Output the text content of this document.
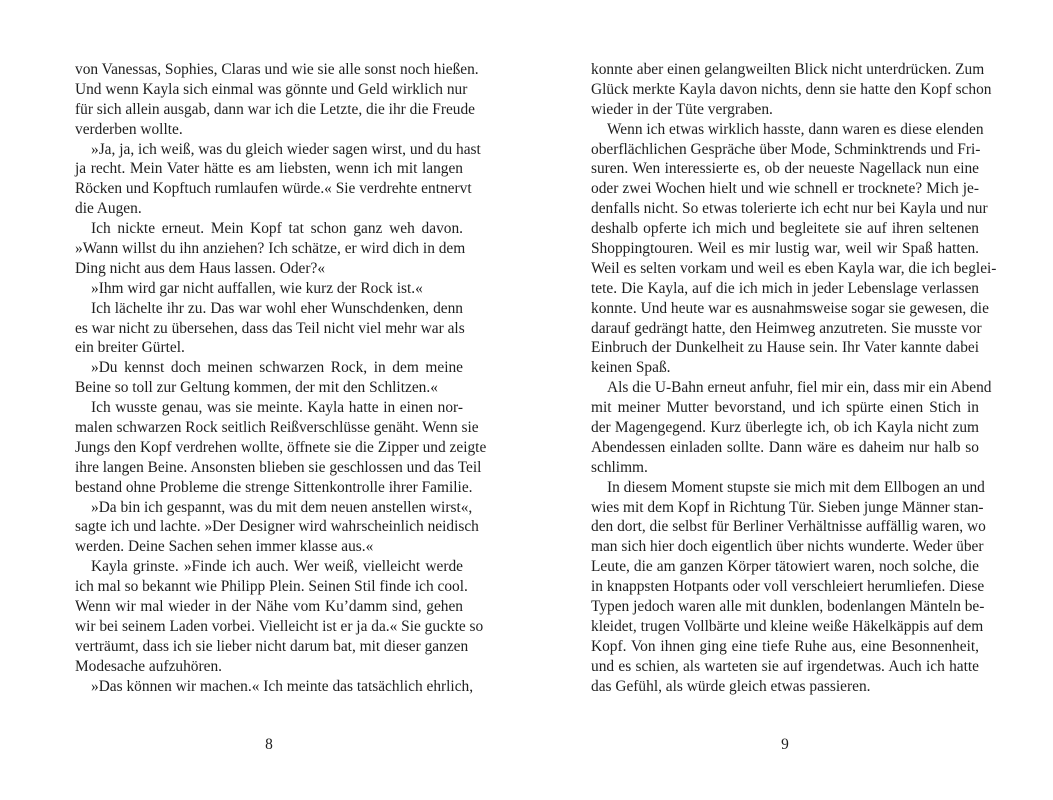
von Vanessas, Sophies, Claras und wie sie alle sonst noch hießen.
Und wenn Kayla sich einmal was gönnte und Geld wirklich nur
für sich allein ausgab, dann war ich die Letzte, die ihr die Freude
verderben wollte.
»Ja, ja, ich weiß, was du gleich wieder sagen wirst, und du hast
ja recht. Mein Vater hätte es am liebsten, wenn ich mit langen
Röcken und Kopftuch rumlaufen würde.« Sie verdrehte entnervt
die Augen.
Ich nickte erneut. Mein Kopf tat schon ganz weh davon.
»Wann willst du ihn anziehen? Ich schätze, er wird dich in dem
Ding nicht aus dem Haus lassen. Oder?«
»Ihm wird gar nicht auffallen, wie kurz der Rock ist.«
Ich lächelte ihr zu. Das war wohl eher Wunschdenken, denn
es war nicht zu übersehen, dass das Teil nicht viel mehr war als
ein breiter Gürtel.
»Du kennst doch meinen schwarzen Rock, in dem meine
Beine so toll zur Geltung kommen, der mit den Schlitzen.«
Ich wusste genau, was sie meinte. Kayla hatte in einen nor-
malen schwarzen Rock seitlich Reißverschlüsse genäht. Wenn sie
Jungs den Kopf verdrehen wollte, öffnete sie die Zipper und zeigte
ihre langen Beine. Ansonsten blieben sie geschlossen und das Teil
bestand ohne Probleme die strenge Sittenkontrolle ihrer Familie.
»Da bin ich gespannt, was du mit dem neuen anstellen wirst«,
sagte ich und lachte. »Der Designer wird wahrscheinlich neidisch
werden. Deine Sachen sehen immer klasse aus.«
Kayla grinste. »Finde ich auch. Wer weiß, vielleicht werde
ich mal so bekannt wie Philipp Plein. Seinen Stil finde ich cool.
Wenn wir mal wieder in der Nähe vom Ku’damm sind, gehen
wir bei seinem Laden vorbei. Vielleicht ist er ja da.« Sie guckte so
verträumt, dass ich sie lieber nicht darum bat, mit dieser ganzen
Modesache aufzuhören.
»Das können wir machen.« Ich meinte das tatsächlich ehrlich,
8
konnte aber einen gelangweilten Blick nicht unterdrücken. Zum
Glück merkte Kayla davon nichts, denn sie hatte den Kopf schon
wieder in der Tüte vergraben.
Wenn ich etwas wirklich hasste, dann waren es diese elenden
oberflächlichen Gespräche über Mode, Schminktrends und Fri-
suren. Wen interessierte es, ob der neueste Nagellack nun eine
oder zwei Wochen hielt und wie schnell er trocknete? Mich je-
denfalls nicht. So etwas tolerierte ich echt nur bei Kayla und nur
deshalb opferte ich mich und begleitete sie auf ihren seltenen
Shoppingtouren. Weil es mir lustig war, weil wir Spaß hatten.
Weil es selten vorkam und weil es eben Kayla war, die ich beglei-
tete. Die Kayla, auf die ich mich in jeder Lebenslage verlassen
konnte. Und heute war es ausnahmsweise sogar sie gewesen, die
darauf gedrängt hatte, den Heimweg anzutreten. Sie musste vor
Einbruch der Dunkelheit zu Hause sein. Ihr Vater kannte dabei
keinen Spaß.
Als die U-Bahn erneut anfuhr, fiel mir ein, dass mir ein Abend
mit meiner Mutter bevorstand, und ich spürte einen Stich in
der Magengegend. Kurz überlegte ich, ob ich Kayla nicht zum
Abendessen einladen sollte. Dann wäre es daheim nur halb so
schlimm.
In diesem Moment stupste sie mich mit dem Ellbogen an und
wies mit dem Kopf in Richtung Tür. Sieben junge Männer stan-
den dort, die selbst für Berliner Verhältnisse auffällig waren, wo
man sich hier doch eigentlich über nichts wunderte. Weder über
Leute, die am ganzen Körper tätowiert waren, noch solche, die
in knappsten Hotpants oder voll verschleiert herumliefen. Diese
Typen jedoch waren alle mit dunklen, bodenlangen Mänteln be-
kleidet, trugen Vollbärte und kleine weiße Häkelkäppis auf dem
Kopf. Von ihnen ging eine tiefe Ruhe aus, eine Besonnenheit,
und es schien, als warteten sie auf irgendetwas. Auch ich hatte
das Gefühl, als würde gleich etwas passieren.
9
